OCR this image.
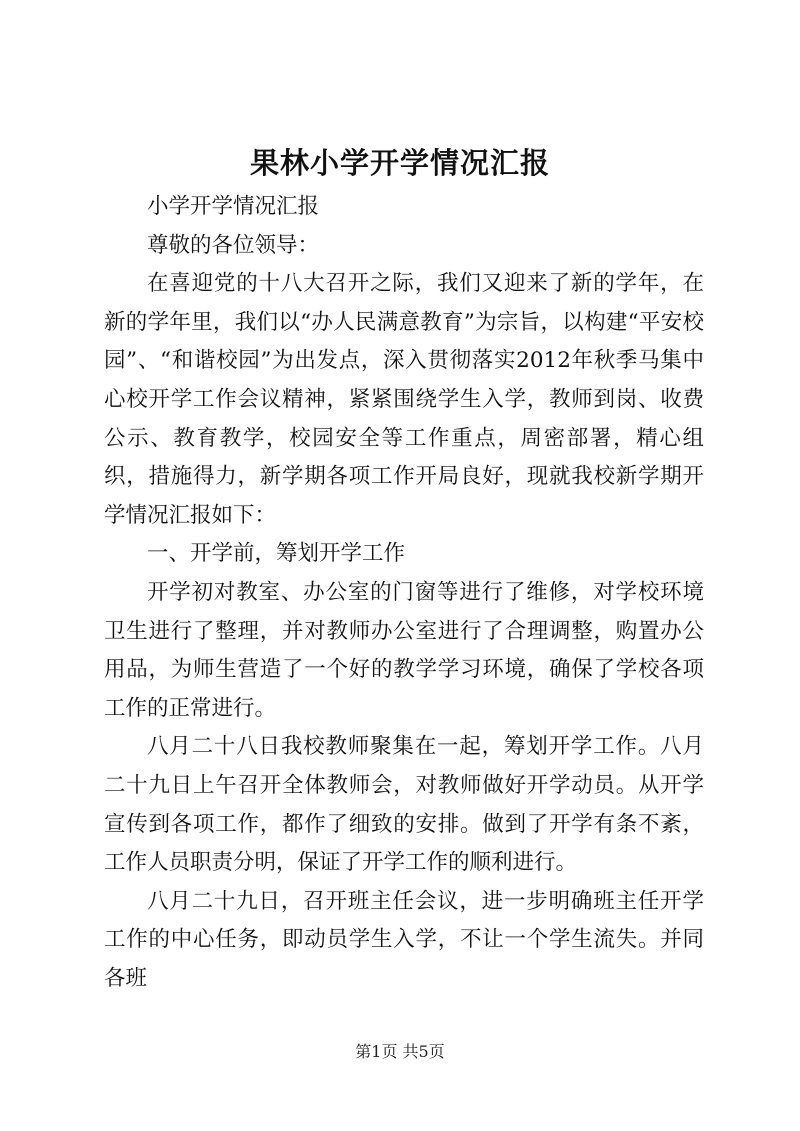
果林小学开学情况汇报

小学开学情况汇报

尊敬的各位领导：

在喜迎党的十八大召开之际，我们又迎来了新的学年，在新的学年里，我们以“办人民满意教育”为宗旨，以构建“平安校园”、“和谐校园”为出发点，深入贯彻落实2012年秋季马集中心校开学工作会议精神，紧紧围绕学生入学，教师到岗、收费公示、教育教学，校园安全等工作重点，周密部署，精心组织，措施得力，新学期各项工作开局良好，现就我校新学期开学情况汇报如下：

一、开学前，筹划开学工作

开学初对教室、办公室的门窗等进行了维修，对学校环境卫生进行了整理，并对教师办公室进行了合理调整，购置办公用品，为师生营造了一个好的教学学习环境，确保了学校各项工作的正常进行。

八月二十八日我校教师聚集在一起，筹划开学工作。八月二十九日上午召开全体教师会，对教师做好开学动员。从开学宣传到各项工作，都作了细致的安排。做到了开学有条不紊，工作人员职责分明，保证了开学工作的顺利进行。

八月二十九日，召开班主任会议，进一步明确班主任开学工作的中心任务，即动员学生入学，不让一个学生流失。并同各班

第1页 共5页
